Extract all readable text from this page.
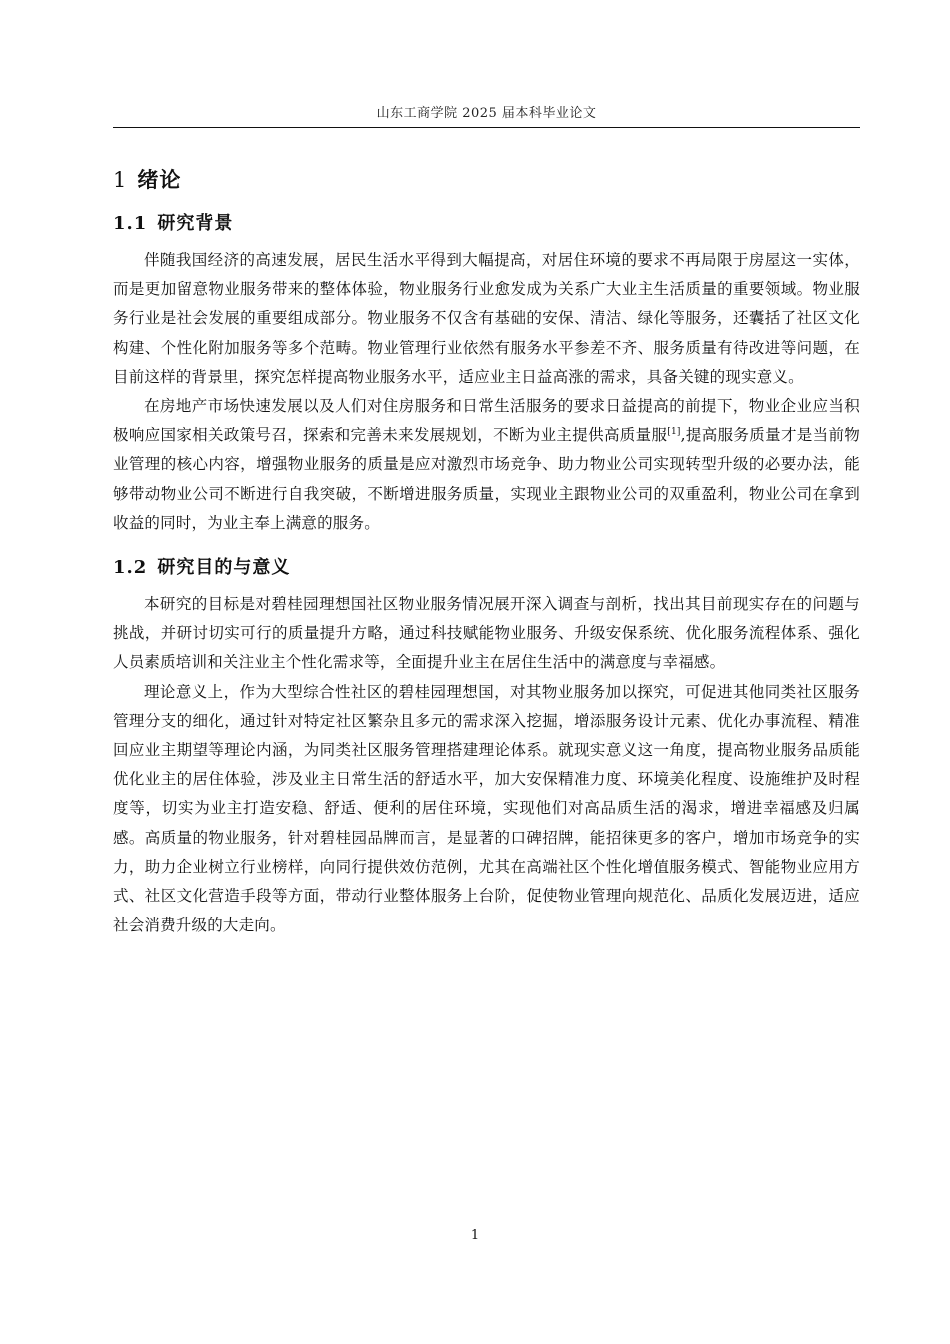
山东工商学院 2025 届本科毕业论文
1 绪论
1.1 研究背景

伴随我国经济的高速发展，居民生活水平得到大幅提高，对居住环境的要求不再局限于房屋这一实体，而是更加留意物业服务带来的整体体验，物业服务行业愈发成为关系广大业主生活质量的重要领域。物业服务行业是社会发展的重要组成部分。物业服务不仅含有基础的安保、清洁、绿化等服务，还囊括了社区文化构建、个性化附加服务等多个范畴。物业管理行业依然有服务水平参差不齐、服务质量有待改进等问题，在目前这样的背景里，探究怎样提高物业服务水平，适应业主日益高涨的需求，具备关键的现实意义。

在房地产市场快速发展以及人们对住房服务和日常生活服务的要求日益提高的前提下，物业企业应当积极响应国家相关政策号召，探索和完善未来发展规划，不断为业主提供高质量服[1],提高服务质量才是当前物业管理的核心内容，增强物业服务的质量是应对激烈市场竞争、助力物业公司实现转型升级的必要办法，能够带动物业公司不断进行自我突破，不断增进服务质量，实现业主跟物业公司的双重盈利，物业公司在拿到收益的同时，为业主奉上满意的服务。

1.2 研究目的与意义

本研究的目标是对碧桂园理想国社区物业服务情况展开深入调查与剖析，找出其目前现实存在的问题与挑战，并研讨切实可行的质量提升方略，通过科技赋能物业服务、升级安保系统、优化服务流程体系、强化人员素质培训和关注业主个性化需求等，全面提升业主在居住生活中的满意度与幸福感。

理论意义上，作为大型综合性社区的碧桂园理想国，对其物业服务加以探究，可促进其他同类社区服务管理分支的细化，通过针对特定社区繁杂且多元的需求深入挖掘，增添服务设计元素、优化办事流程、精准回应业主期望等理论内涵，为同类社区服务管理搭建理论体系。就现实意义这一角度，提高物业服务品质能优化业主的居住体验，涉及业主日常生活的舒适水平，加大安保精准力度、环境美化程度、设施维护及时程度等，切实为业主打造安稳、舒适、便利的居住环境，实现他们对高品质生活的渴求，增进幸福感及归属感。高质量的物业服务，针对碧桂园品牌而言，是显著的口碑招牌，能招徕更多的客户，增加市场竞争的实力，助力企业树立行业榜样，向同行提供效仿范例，尤其在高端社区个性化增值服务模式、智能物业应用方式、社区文化营造手段等方面，带动行业整体服务上台阶，促使物业管理向规范化、品质化发展迈进，适应社会消费升级的大走向。

1
